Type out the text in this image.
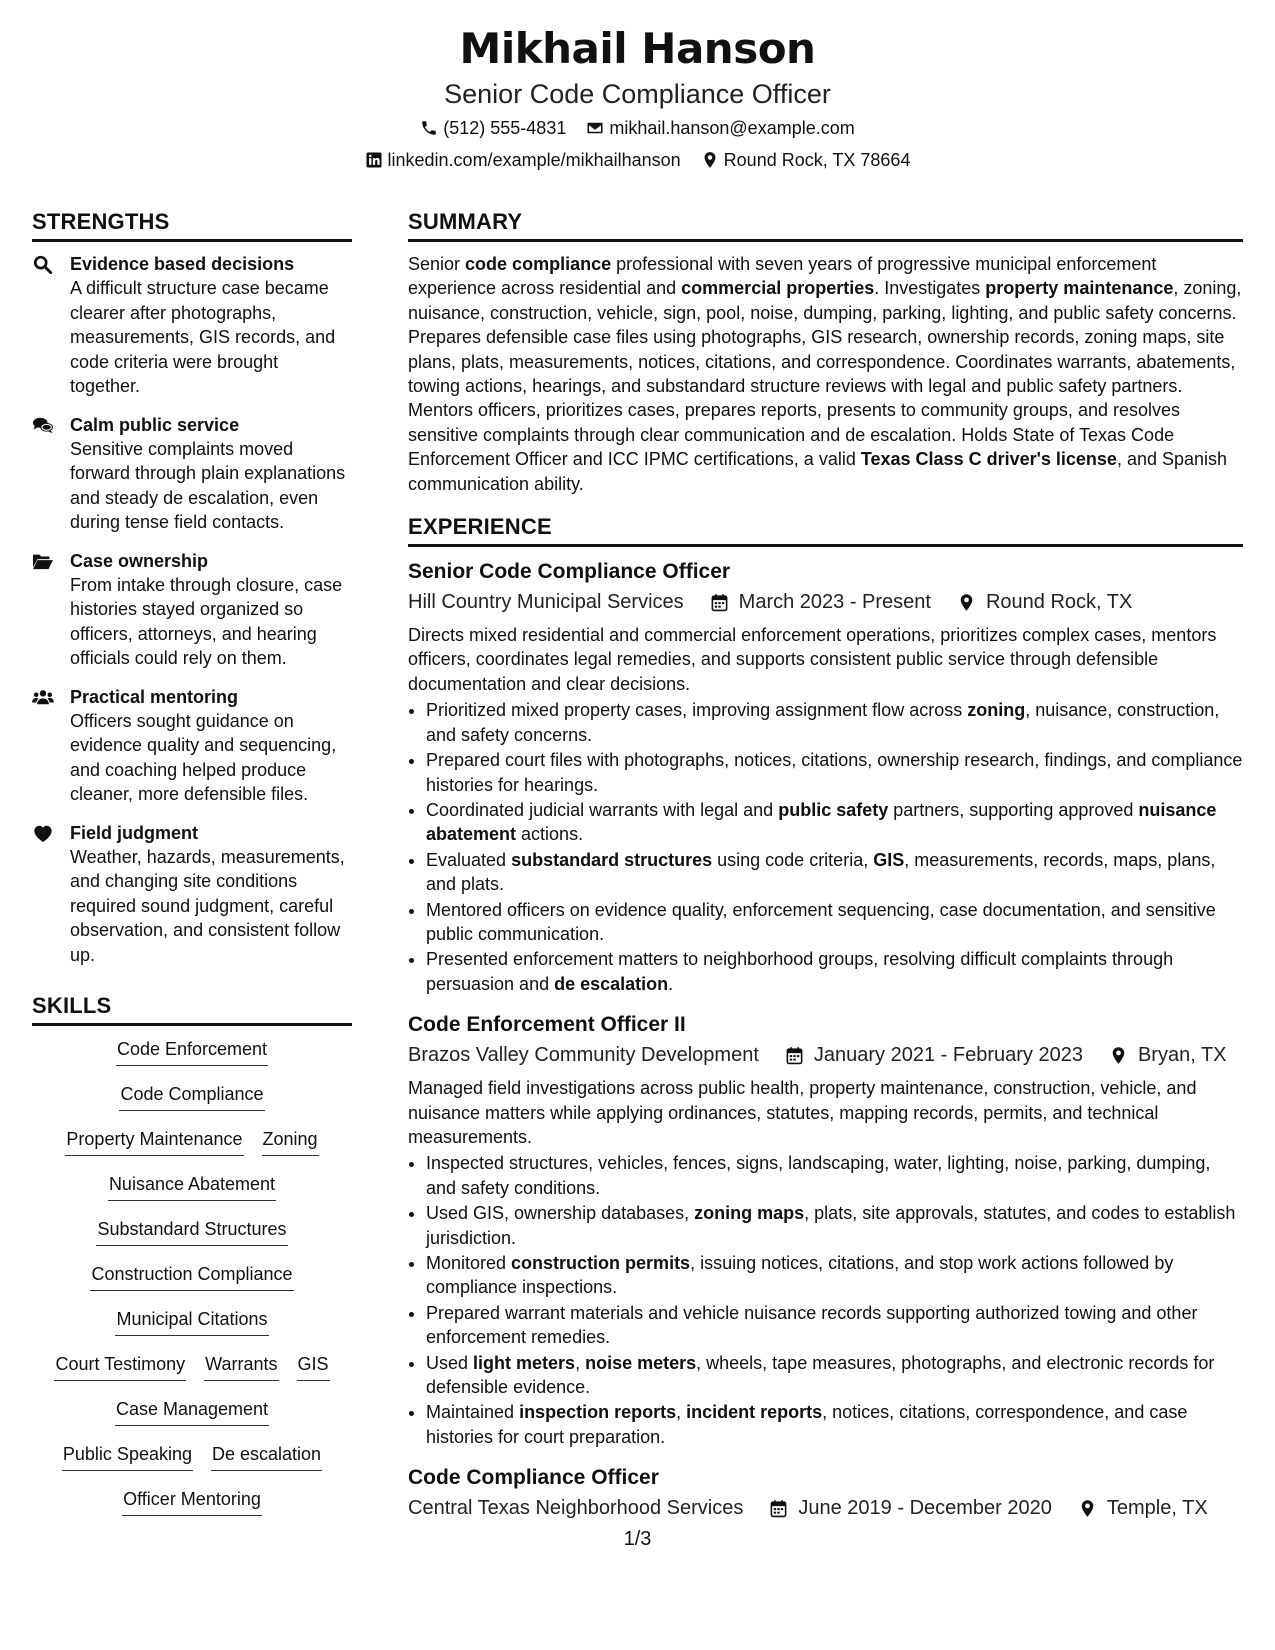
Mikhail Hanson
Senior Code Compliance Officer
(512) 555-4831 mikhail.hanson@example.com
linkedin.com/example/mikhailhanson Round Rock, TX 78664
STRENGTHS
Evidence based decisions
A difficult structure case became clearer after photographs, measurements, GIS records, and code criteria were brought together.
Calm public service
Sensitive complaints moved forward through plain explanations and steady de escalation, even during tense field contacts.
Case ownership
From intake through closure, case histories stayed organized so officers, attorneys, and hearing officials could rely on them.
Practical mentoring
Officers sought guidance on evidence quality and sequencing, and coaching helped produce cleaner, more defensible files.
Field judgment
Weather, hazards, measurements, and changing site conditions required sound judgment, careful observation, and consistent follow up.
SKILLS
Code Enforcement
Code Compliance
Property Maintenance Zoning
Nuisance Abatement
Substandard Structures
Construction Compliance
Municipal Citations
Court Testimony Warrants GIS
Case Management
Public Speaking De escalation
Officer Mentoring
SUMMARY
Senior code compliance professional with seven years of progressive municipal enforcement experience across residential and commercial properties. Investigates property maintenance, zoning, nuisance, construction, vehicle, sign, pool, noise, dumping, parking, lighting, and public safety concerns. Prepares defensible case files using photographs, GIS research, ownership records, zoning maps, site plans, plats, measurements, notices, citations, and correspondence. Coordinates warrants, abatements, towing actions, hearings, and substandard structure reviews with legal and public safety partners. Mentors officers, prioritizes cases, prepares reports, presents to community groups, and resolves sensitive complaints through clear communication and de escalation. Holds State of Texas Code Enforcement Officer and ICC IPMC certifications, a valid Texas Class C driver's license, and Spanish communication ability.
EXPERIENCE
Senior Code Compliance Officer
Hill Country Municipal Services	March 2023 - Present	Round Rock, TX
Directs mixed residential and commercial enforcement operations, prioritizes complex cases, mentors officers, coordinates legal remedies, and supports consistent public service through defensible documentation and clear decisions.
• Prioritized mixed property cases, improving assignment flow across zoning, nuisance, construction, and safety concerns.
• Prepared court files with photographs, notices, citations, ownership research, findings, and compliance histories for hearings.
• Coordinated judicial warrants with legal and public safety partners, supporting approved nuisance abatement actions.
• Evaluated substandard structures using code criteria, GIS, measurements, records, maps, plans, and plats.
• Mentored officers on evidence quality, enforcement sequencing, case documentation, and sensitive public communication.
• Presented enforcement matters to neighborhood groups, resolving difficult complaints through persuasion and de escalation.
Code Enforcement Officer II
Brazos Valley Community Development	January 2021 - February 2023	Bryan, TX
Managed field investigations across public health, property maintenance, construction, vehicle, and nuisance matters while applying ordinances, statutes, mapping records, permits, and technical measurements.
• Inspected structures, vehicles, fences, signs, landscaping, water, lighting, noise, parking, dumping, and safety conditions.
• Used GIS, ownership databases, zoning maps, plats, site approvals, statutes, and codes to establish jurisdiction.
• Monitored construction permits, issuing notices, citations, and stop work actions followed by compliance inspections.
• Prepared warrant materials and vehicle nuisance records supporting authorized towing and other enforcement remedies.
• Used light meters, noise meters, wheels, tape measures, photographs, and electronic records for defensible evidence.
• Maintained inspection reports, incident reports, notices, citations, correspondence, and case histories for court preparation.
Code Compliance Officer
Central Texas Neighborhood Services	June 2019 - December 2020	Temple, TX
1/3
